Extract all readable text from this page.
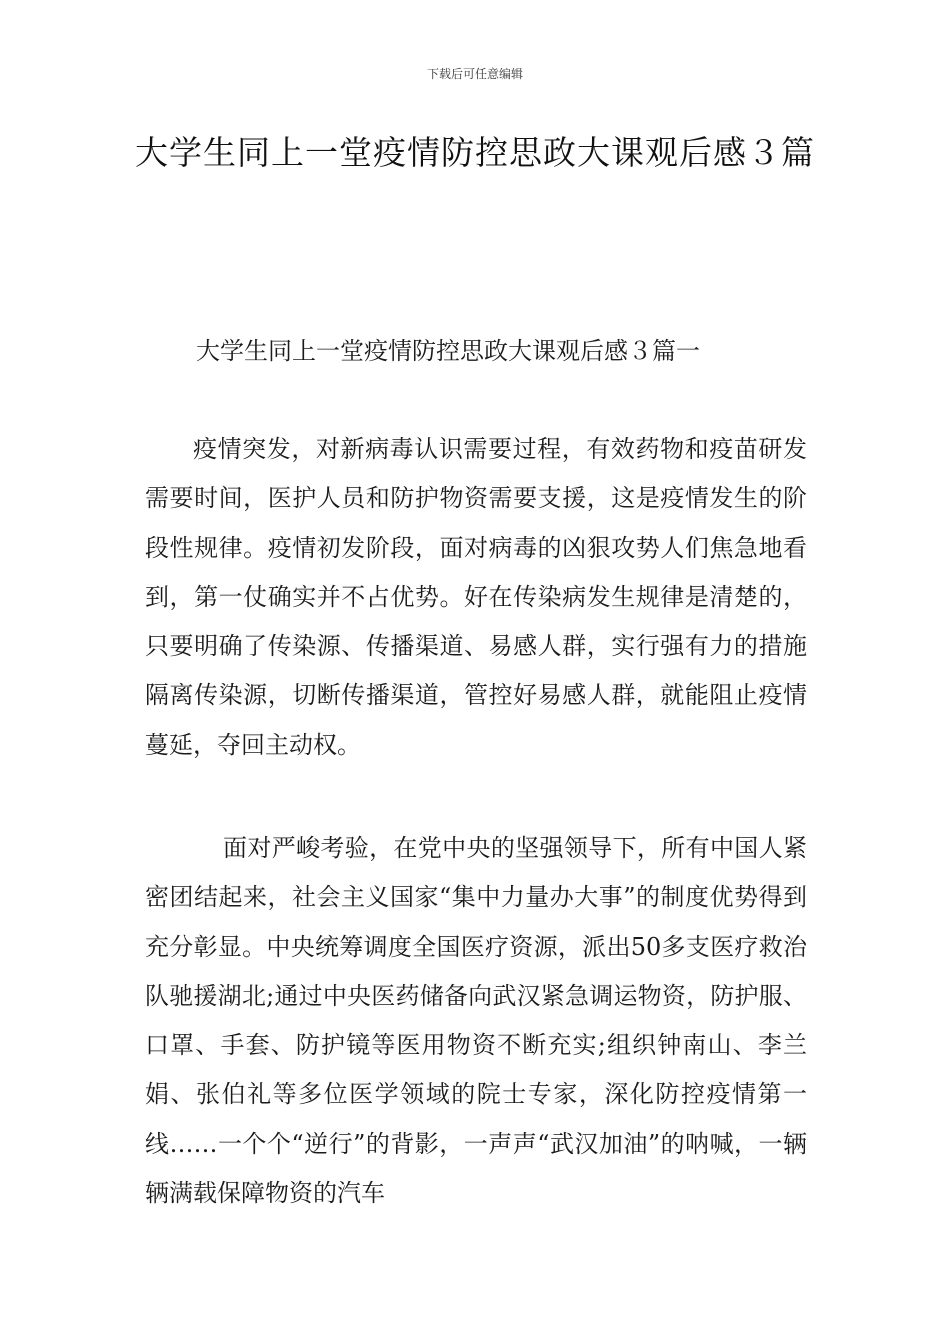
下载后可任意编辑
大学生同上一堂疫情防控思政大课观后感３篇
大学生同上一堂疫情防控思政大课观后感３篇一

疫情突发，对新病毒认识需要过程，有效药物和疫苗研发需要时间，医护人员和防护物资需要支援，这是疫情发生的阶段性规律。疫情初发阶段，面对病毒的凶狠攻势人们焦急地看到，第一仗确实并不占优势。好在传染病发生规律是清楚的，只要明确了传染源、传播渠道、易感人群，实行强有力的措施隔离传染源，切断传播渠道，管控好易感人群，就能阻止疫情蔓延，夺回主动权。

面对严峻考验，在党中央的坚强领导下，所有中国人紧密团结起来，社会主义国家“集中力量办大事”的制度优势得到充分彰显。中央统筹调度全国医疗资源，派出50多支医疗救治队驰援湖北;通过中央医药储备向武汉紧急调运物资，防护服、口罩、手套、防护镜等医用物资不断充实;组织钟南山、李兰娟、张伯礼等多位医学领域的院士专家，深化防控疫情第一线……一个个“逆行”的背影，一声声“武汉加油”的呐喊，一辆辆满载保障物资的汽车
